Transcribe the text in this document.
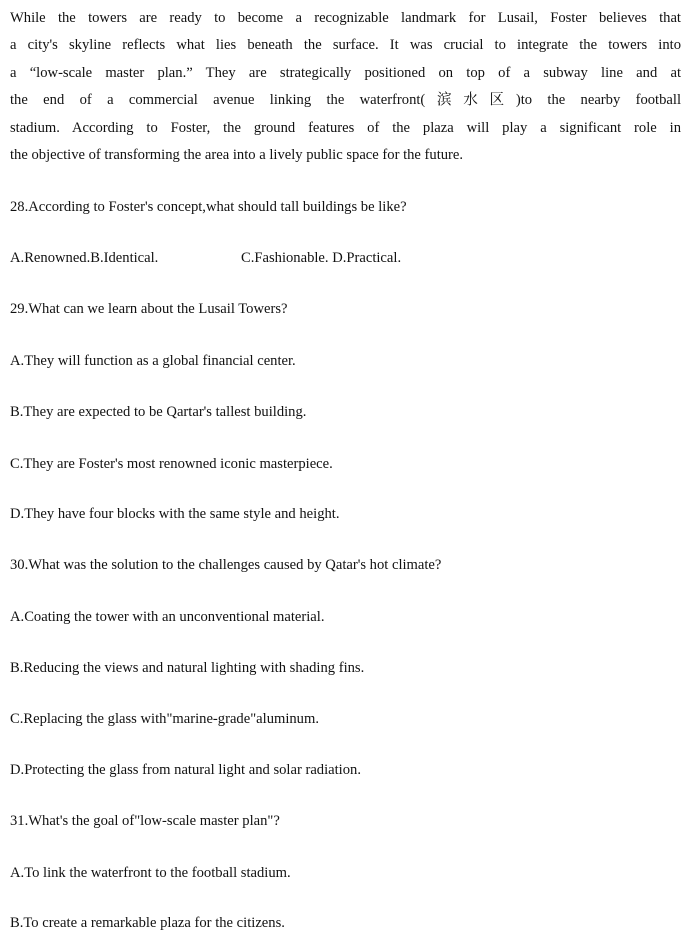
While the towers are ready to become a recognizable landmark for Lusail, Foster believes that
a city's skyline reflects what lies beneath the surface. It was crucial to integrate the towers into
a “low-scale master plan.” They are strategically positioned on top of a subway line and at
the end of a commercial avenue linking the waterfront(滨水区)to the nearby football
stadium. According to Foster, the ground features of the plaza will play a significant role in
the objective of transforming the area into a lively public space for the future.

28.According to Foster's concept,what should tall buildings be like?

A.Renowned.B.Identical.	C.Fashionable. D.Practical.

29.What can we learn about the Lusail Towers?

A.They will function as a global financial center.

B.They are expected to be Qartar's tallest building.

C.They are Foster's most renowned iconic masterpiece.

D.They have four blocks with the same style and height.

30.What was the solution to the challenges caused by Qatar's hot climate?

A.Coating the tower with an unconventional material.

B.Reducing the views and natural lighting with shading fins.

C.Replacing the glass with"marine-grade"aluminum.

D.Protecting the glass from natural light and solar radiation.

31.What's the goal of"low-scale master plan"?

A.To link the waterfront to the football stadium.

B.To create a remarkable plaza for the citizens.
